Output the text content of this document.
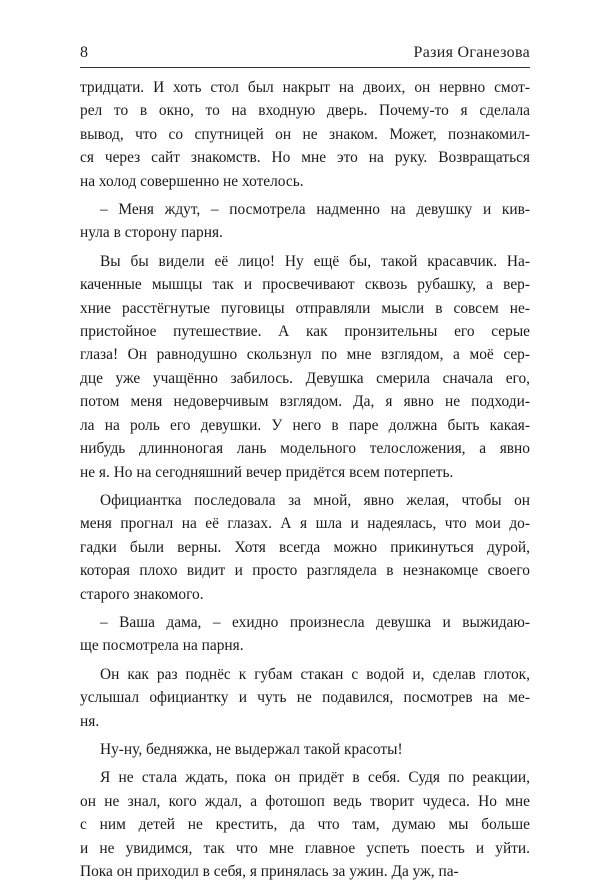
8	Разия Оганезова
тридцати. И хоть стол был накрыт на двоих, он нервно смот-
рел то в окно, то на входную дверь. Почему-то я сделала
вывод, что со спутницей он не знаком. Может, познакомил-
ся через сайт знакомств. Но мне это на руку. Возвращаться
на холод совершенно не хотелось.
– Меня ждут, – посмотрела надменно на девушку и кив-
нула в сторону парня.
Вы бы видели её лицо! Ну ещё бы, такой красавчик. На-
каченные мышцы так и просвечивают сквозь рубашку, а вер-
хние расстёгнутые пуговицы отправляли мысли в совсем не-
пристойное путешествие. А как пронзительны его серые
глаза! Он равнодушно скользнул по мне взглядом, а моё сер-
дце уже учащённо забилось. Девушка смерила сначала его,
потом меня недоверчивым взглядом. Да, я явно не подходи-
ла на роль его девушки. У него в паре должна быть какая-
нибудь длинноногая лань модельного телосложения, а явно
не я. Но на сегодняшний вечер придётся всем потерпеть.
Официантка последовала за мной, явно желая, чтобы он
меня прогнал на её глазах. А я шла и надеялась, что мои до-
гадки были верны. Хотя всегда можно прикинуться дурой,
которая плохо видит и просто разглядела в незнакомце своего
старого знакомого.
– Ваша дама, – ехидно произнесла девушка и выжидаю-
ще посмотрела на парня.
Он как раз поднёс к губам стакан с водой и, сделав глоток,
услышал официантку и чуть не подавился, посмотрев на ме-
ня.
Ну-ну, бедняжка, не выдержал такой красоты!
Я не стала ждать, пока он придёт в себя. Судя по реакции,
он не знал, кого ждал, а фотошоп ведь творит чудеса. Но мне
с ним детей не крестить, да что там, думаю мы больше
и не увидимся, так что мне главное успеть поесть и уйти.
Пока он приходил в себя, я принялась за ужин. Да уж, па-
